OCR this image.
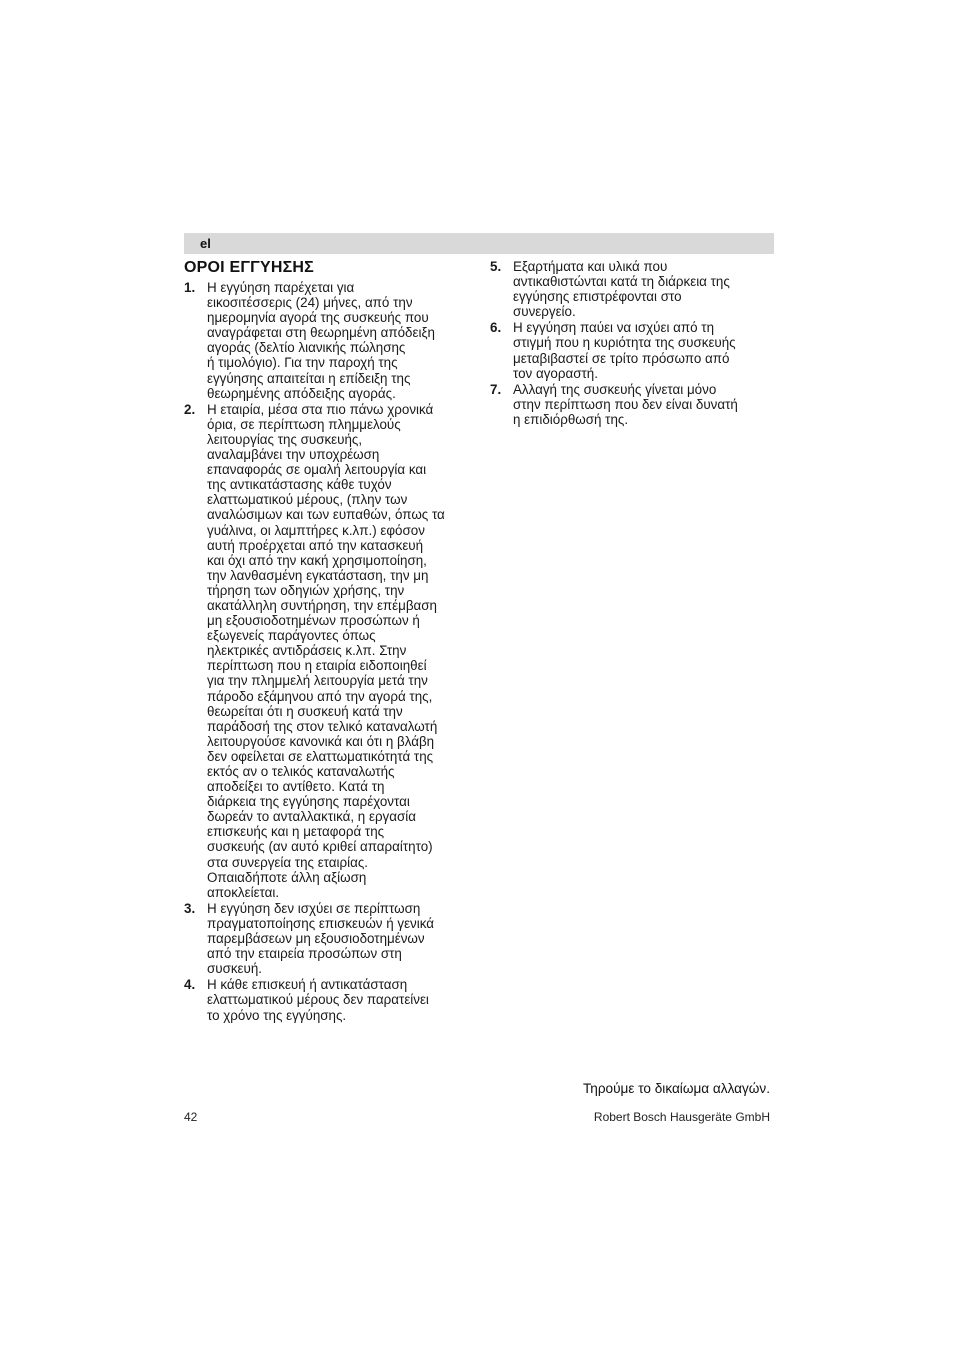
el
ΟΡΟΙ ΕΓΓΥΗΣΗΣ
1. Η εγγύηση παρέχεται για
εικοσιτέσσερις (24) μήνες, από την
ημερομηνία αγορά της συσκευής που
αναγράφεται στη θεωρημένη απόδειξη
αγοράς (δελτίο λιανικής πώλησης
ή τιμολόγιο). Για την παροχή της
εγγύησης απαιτείται η επίδειξη της
θεωρημένης απόδειξης αγοράς.
2. Η εταιρία, μέσα στα πιο πάνω χρονικά
όρια, σε περίπτωση πλημμελούς
λειτουργίας της συσκευής,
αναλαμβάνει την υποχρέωση
επαναφοράς σε ομαλή λειτουργία και
της αντικατάστασης κάθε τυχόν
ελαττωματικού μέρους, (πλην των
αναλώσιμων και των ευπαθών, όπως τα
γυάλινα, οι λαμπτήρες κ.λπ.) εφόσον
αυτή προέρχεται από την κατασκευή
και όχι από την κακή χρησιμοποίηση,
την λανθασμένη εγκατάσταση, την μη
τήρηση των οδηγιών χρήσης, την
ακατάλληλη συντήρηση, την επέμβαση
μη εξουσιοδοτημένων προσώπων ή
εξωγενείς παράγοντες όπως
ηλεκτρικές αντιδράσεις κ.λπ. Στην
περίπτωση που η εταιρία ειδοποιηθεί
για την πλημμελή λειτουργία μετά την
πάροδο εξάμηνου από την αγορά της,
θεωρείται ότι η συσκευή κατά την
παράδοσή της στον τελικό καταναλωτή
λειτουργούσε κανονικά και ότι η βλάβη
δεν οφείλεται σε ελαττωματικότητά της
εκτός αν ο τελικός καταναλωτής
αποδείξει το αντίθετο. Κατά τη
διάρκεια της εγγύησης παρέχονται
δωρεάν το ανταλλακτικά, η εργασία
επισκευής και η μεταφορά της
συσκευής (αν αυτό κριθεί απαραίτητο)
στα συνεργεία της εταιρίας.
Οπαιαδήποτε άλλη αξίωση
αποκλείεται.
3. Η εγγύηση δεν ισχύει σε περίπτωση
πραγματοποίησης επισκευών ή γενικά
παρεμβάσεων μη εξουσιοδοτημένων
από την εταιρεία προσώπων στη
συσκευή.
4. Η κάθε επισκευή ή αντικατάσταση
ελαττωματικού μέρους δεν παρατείνει
το χρόνο της εγγύησης.
5. Εξαρτήματα και υλικά που
αντικαθιστώνται κατά τη διάρκεια της
εγγύησης επιστρέφονται στο
συνεργείο.
6. Η εγγύηση παύει να ισχύει από τη
στιγμή που η κυριότητα της συσκευής
μεταβιβαστεί σε τρίτο πρόσωπο από
τον αγοραστή.
7. Αλλαγή της συσκευής γίνεται μόνο
στην περίπτωση που δεν είναι δυνατή
η επιδιόρθωσή της.
Τηρούμε το δικαίωμα αλλαγών.
42	Robert Bosch Hausgeräte GmbH
